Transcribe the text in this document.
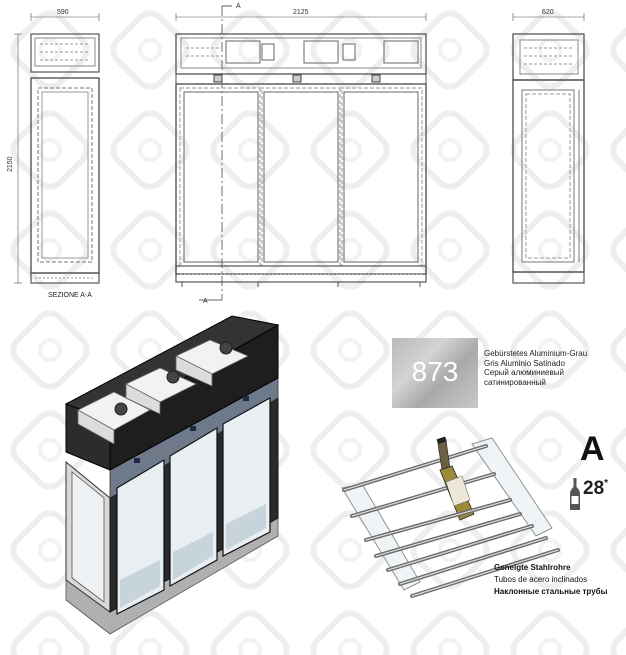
590
2150
2125
A
A
620
SEZIONE A-A
873
Gebürstetes Aluminium-Grau
Gris Aluminio Satinado
Серый алюминиевый
сатинированный
A
28 *
Geneigte Stahlrohre
Tubos de acero inclinados
Наклонные стальные трубы
